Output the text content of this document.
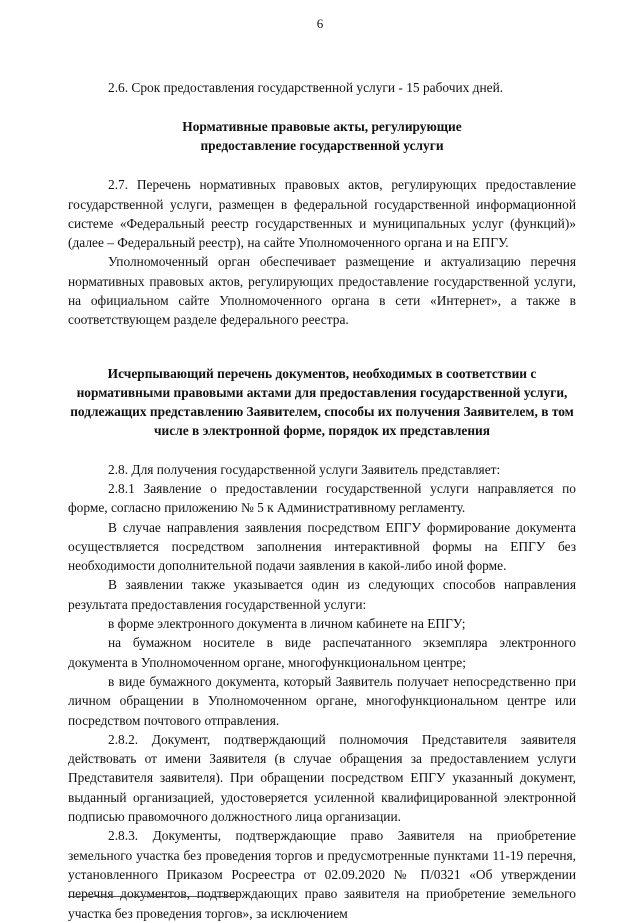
6

2.6. Срок предоставления государственной услуги - 15 рабочих дней.

Нормативные правовые акты, регулирующие предоставление государственной услуги

2.7. Перечень нормативных правовых актов, регулирующих предоставление государственной услуги, размещен в федеральной государственной информационной системе «Федеральный реестр государственных и муниципальных услуг (функций)» (далее – Федеральный реестр), на сайте Уполномоченного органа и на ЕПГУ.

Уполномоченный орган обеспечивает размещение и актуализацию перечня нормативных правовых актов, регулирующих предоставление государственной услуги, на официальном сайте Уполномоченного органа в сети «Интернет», а также в соответствующем разделе федерального реестра.

Исчерпывающий перечень документов, необходимых в соответствии с нормативными правовыми актами для предоставления государственной услуги, подлежащих представлению Заявителем, способы их получения Заявителем, в том числе в электронной форме, порядок их представления

2.8. Для получения государственной услуги Заявитель представляет:

2.8.1 Заявление о предоставлении государственной услуги направляется по форме, согласно приложению № 5 к Административному регламенту.

В случае направления заявления посредством ЕПГУ формирование документа осуществляется посредством заполнения интерактивной формы на ЕПГУ без необходимости дополнительной подачи заявления в какой-либо иной форме.

В заявлении также указывается один из следующих способов направления результата предоставления государственной услуги:

в форме электронного документа в личном кабинете на ЕПГУ;

на бумажном носителе в виде распечатанного экземпляра электронного документа в Уполномоченном органе, многофункциональном центре;

в виде бумажного документа, который Заявитель получает непосредственно при личном обращении в Уполномоченном органе, многофункциональном центре или посредством почтового отправления.

2.8.2. Документ, подтверждающий полномочия Представителя заявителя действовать от имени Заявителя (в случае обращения за предоставлением услуги Представителя заявителя). При обращении посредством ЕПГУ указанный документ, выданный организацией, удостоверяется усиленной квалифицированной электронной подписью правомочного должностного лица организации.

2.8.3. Документы, подтверждающие право Заявителя на приобретение земельного участка без проведения торгов и предусмотренные пунктами 11-19 перечня, установленного Приказом Росреестра от 02.09.2020 № П/0321 «Об утверждении перечня документов, подтверждающих право заявителя на приобретение земельного участка без проведения торгов», за исключением
